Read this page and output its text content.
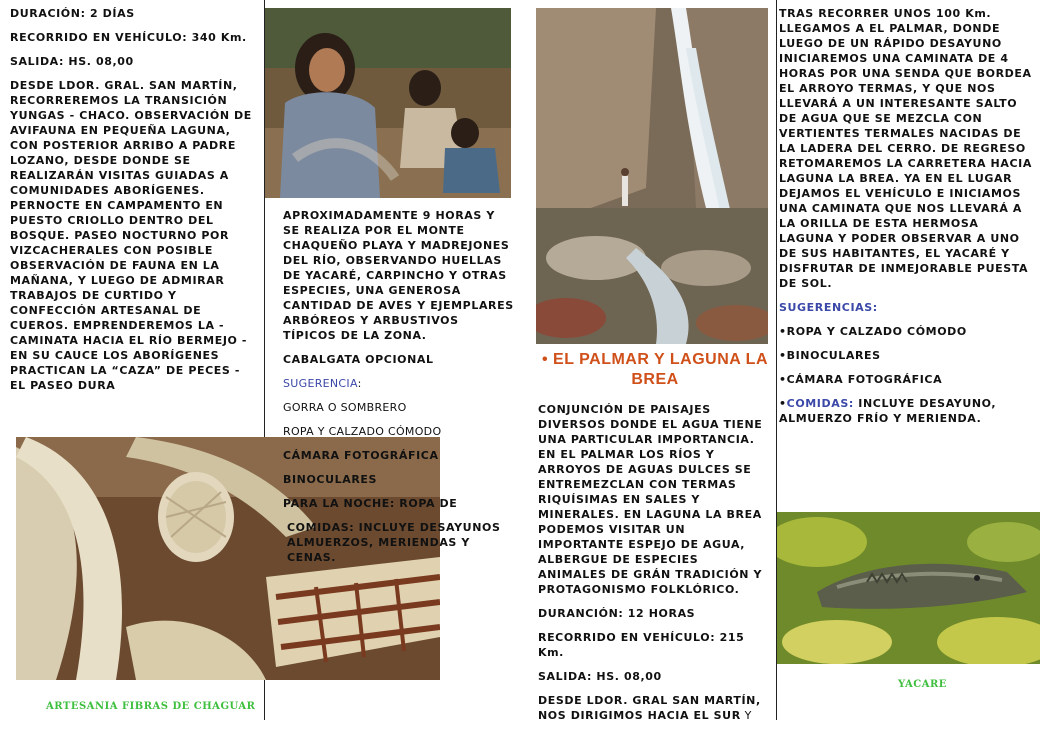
DURACIÓN: 2 DÍAS

RECORRIDO EN VEHÍCULO: 340 Km.

SALIDA: HS. 08,00

DESDE LDOR. GRAL. SAN MARTÍN, RECORREREMOS LA TRANSICIÓN YUNGAS - CHACO. OBSERVACIÓN DE AVIFAUNA EN PEQUEÑA LAGUNA, CON POSTERIOR ARRIBO A PADRE LOZANO, DESDE DONDE SE REALIZARÁN VISITAS GUIADAS A COMUNIDADES ABORÍGENES. PERNOCTE EN CAMPAMENTO EN PUESTO CRIOLLO DENTRO DEL BOSQUE. PASEO NOCTURNO POR VIZCACHERALES CON POSIBLE OBSERVACIÓN DE FAUNA EN LA MAÑANA, Y LUEGO DE ADMIRAR TRABAJOS DE CURTIDO Y CONFECCIÓN ARTESANAL DE CUEROS. EMPRENDEREMOS LA - CAMINATA HACIA EL RÍO BERMEJO - EN SU CAUCE LOS ABORÍGENES PRACTICAN LA “CAZA” DE PECES - EL PASEO DURA

ARTESANIA FIBRAS DE CHAGUAR

APROXIMADAMENTE 9 HORAS Y SE REALIZA POR EL MONTE CHAQUEÑO PLAYA Y MADREJONES DEL RÍO, OBSERVANDO HUELLAS DE YACARÉ, CARPINCHO Y OTRAS ESPECIES, UNA GENEROSA CANTIDAD DE AVES Y EJEMPLARES ARBÓREOS Y ARBUSTIVOS TÍPICOS DE LA ZONA.

CABALGATA OPCIONAL

SUGERENCIA:

GORRA O SOMBRERO

ROPA Y CALZADO CÓMODO

CÁMARA FOTOGRÁFICA

BINOCULARES

PARA LA NOCHE: ROPA DE

COMIDAS: INCLUYE DESAYUNOS ALMUERZOS, MERIENDAS Y CENAS.

• EL PALMAR Y LAGUNA LA BREA

CONJUNCIÓN DE PAISAJES DIVERSOS DONDE EL AGUA TIENE UNA PARTICULAR IMPORTANCIA. EN EL PALMAR LOS RÍOS Y ARROYOS DE AGUAS DULCES SE ENTREMEZCLAN CON TERMAS RIQUÍSIMAS EN SALES Y MINERALES. EN LAGUNA LA BREA PODEMOS VISITAR UN IMPORTANTE ESPEJO DE AGUA, ALBERGUE DE ESPECIES ANIMALES DE GRÁN TRADICIÓN Y PROTAGONISMO FOLKLÓRICO.

DURANCIÓN: 12 HORAS

RECORRIDO EN VEHÍCULO: 215 Km.

SALIDA: HS. 08,00

DESDE LDOR. GRAL SAN MARTÍN, NOS DIRIGIMOS HACIA EL SUR Y

TRAS RECORRER UNOS 100 Km. LLEGAMOS A EL PALMAR, DONDE LUEGO DE UN RÁPIDO DESAYUNO INICIAREMOS UNA CAMINATA DE 4 HORAS POR UNA SENDA QUE BORDEA EL ARROYO TERMAS, Y QUE NOS LLEVARÁ A UN INTERESANTE SALTO DE AGUA QUE SE MEZCLA CON VERTIENTES TERMALES NACIDAS DE LA LADERA DEL CERRO. DE REGRESO RETOMAREMOS LA CARRETERA HACIA LAGUNA LA BREA. YA EN EL LUGAR DEJAMOS EL VEHÍCULO E INICIAMOS UNA CAMINATA QUE NOS LLEVARÁ A LA ORILLA DE ESTA HERMOSA LAGUNA Y PODER OBSERVAR A UNO DE SUS HABITANTES, EL YACARÉ Y DISFRUTAR DE INMEJORABLE PUESTA DE SOL.

SUGERENCIAS:

•ROPA Y CALZADO CÓMODO

•BINOCULARES

•CÁMARA FOTOGRÁFICA

•COMIDAS: INCLUYE DESAYUNO, ALMUERZO FRÍO Y MERIENDA.

YACARE
